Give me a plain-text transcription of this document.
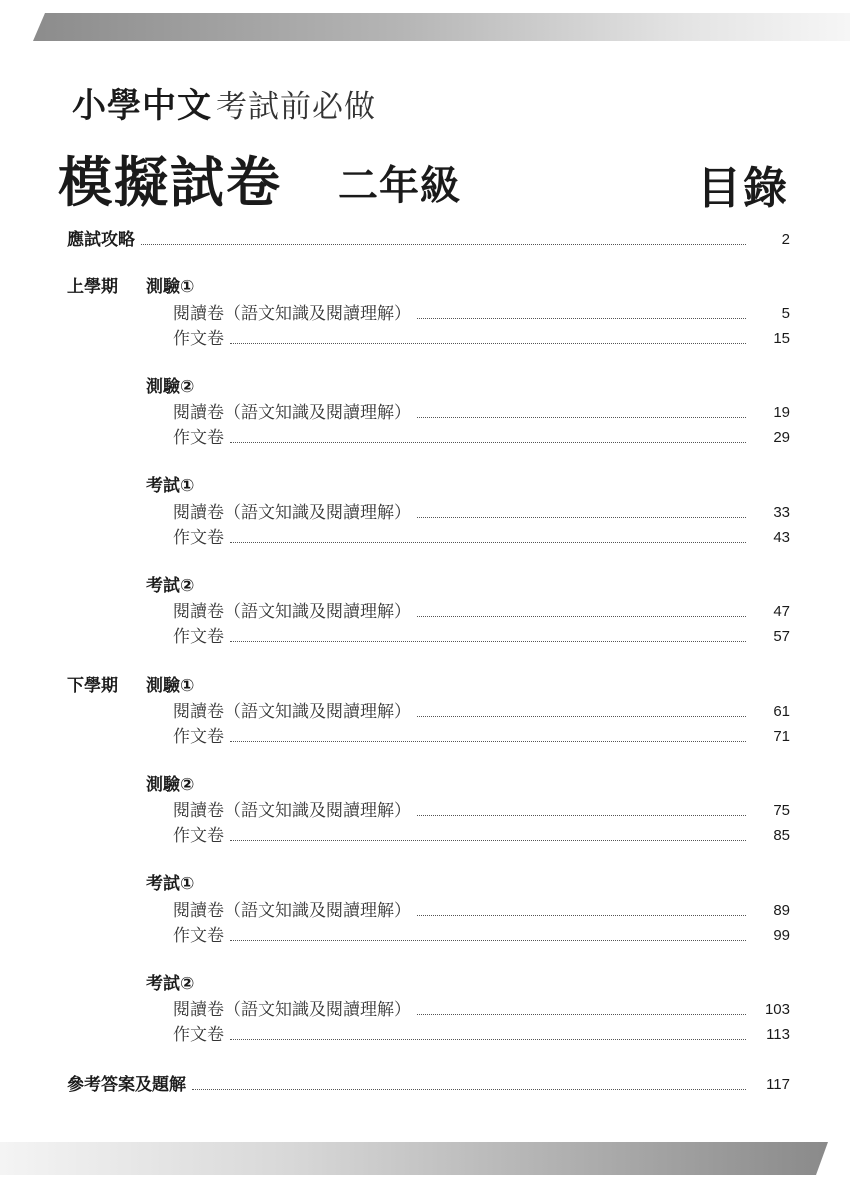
小學中文 考試前必做
模擬試卷 二年級	目錄
應試攻略	2
上學期 測驗①
閱讀卷（語文知識及閱讀理解）	5
作文卷	15
測驗②
閱讀卷（語文知識及閱讀理解）	19
作文卷	29
考試①
閱讀卷（語文知識及閱讀理解）	33
作文卷	43
考試②
閱讀卷（語文知識及閱讀理解）	47
作文卷	57
下學期 測驗①
閱讀卷（語文知識及閱讀理解）	61
作文卷	71
測驗②
閱讀卷（語文知識及閱讀理解）	75
作文卷	85
考試①
閱讀卷（語文知識及閱讀理解）	89
作文卷	99
考試②
閱讀卷（語文知識及閱讀理解）	103
作文卷	113
參考答案及題解	117
